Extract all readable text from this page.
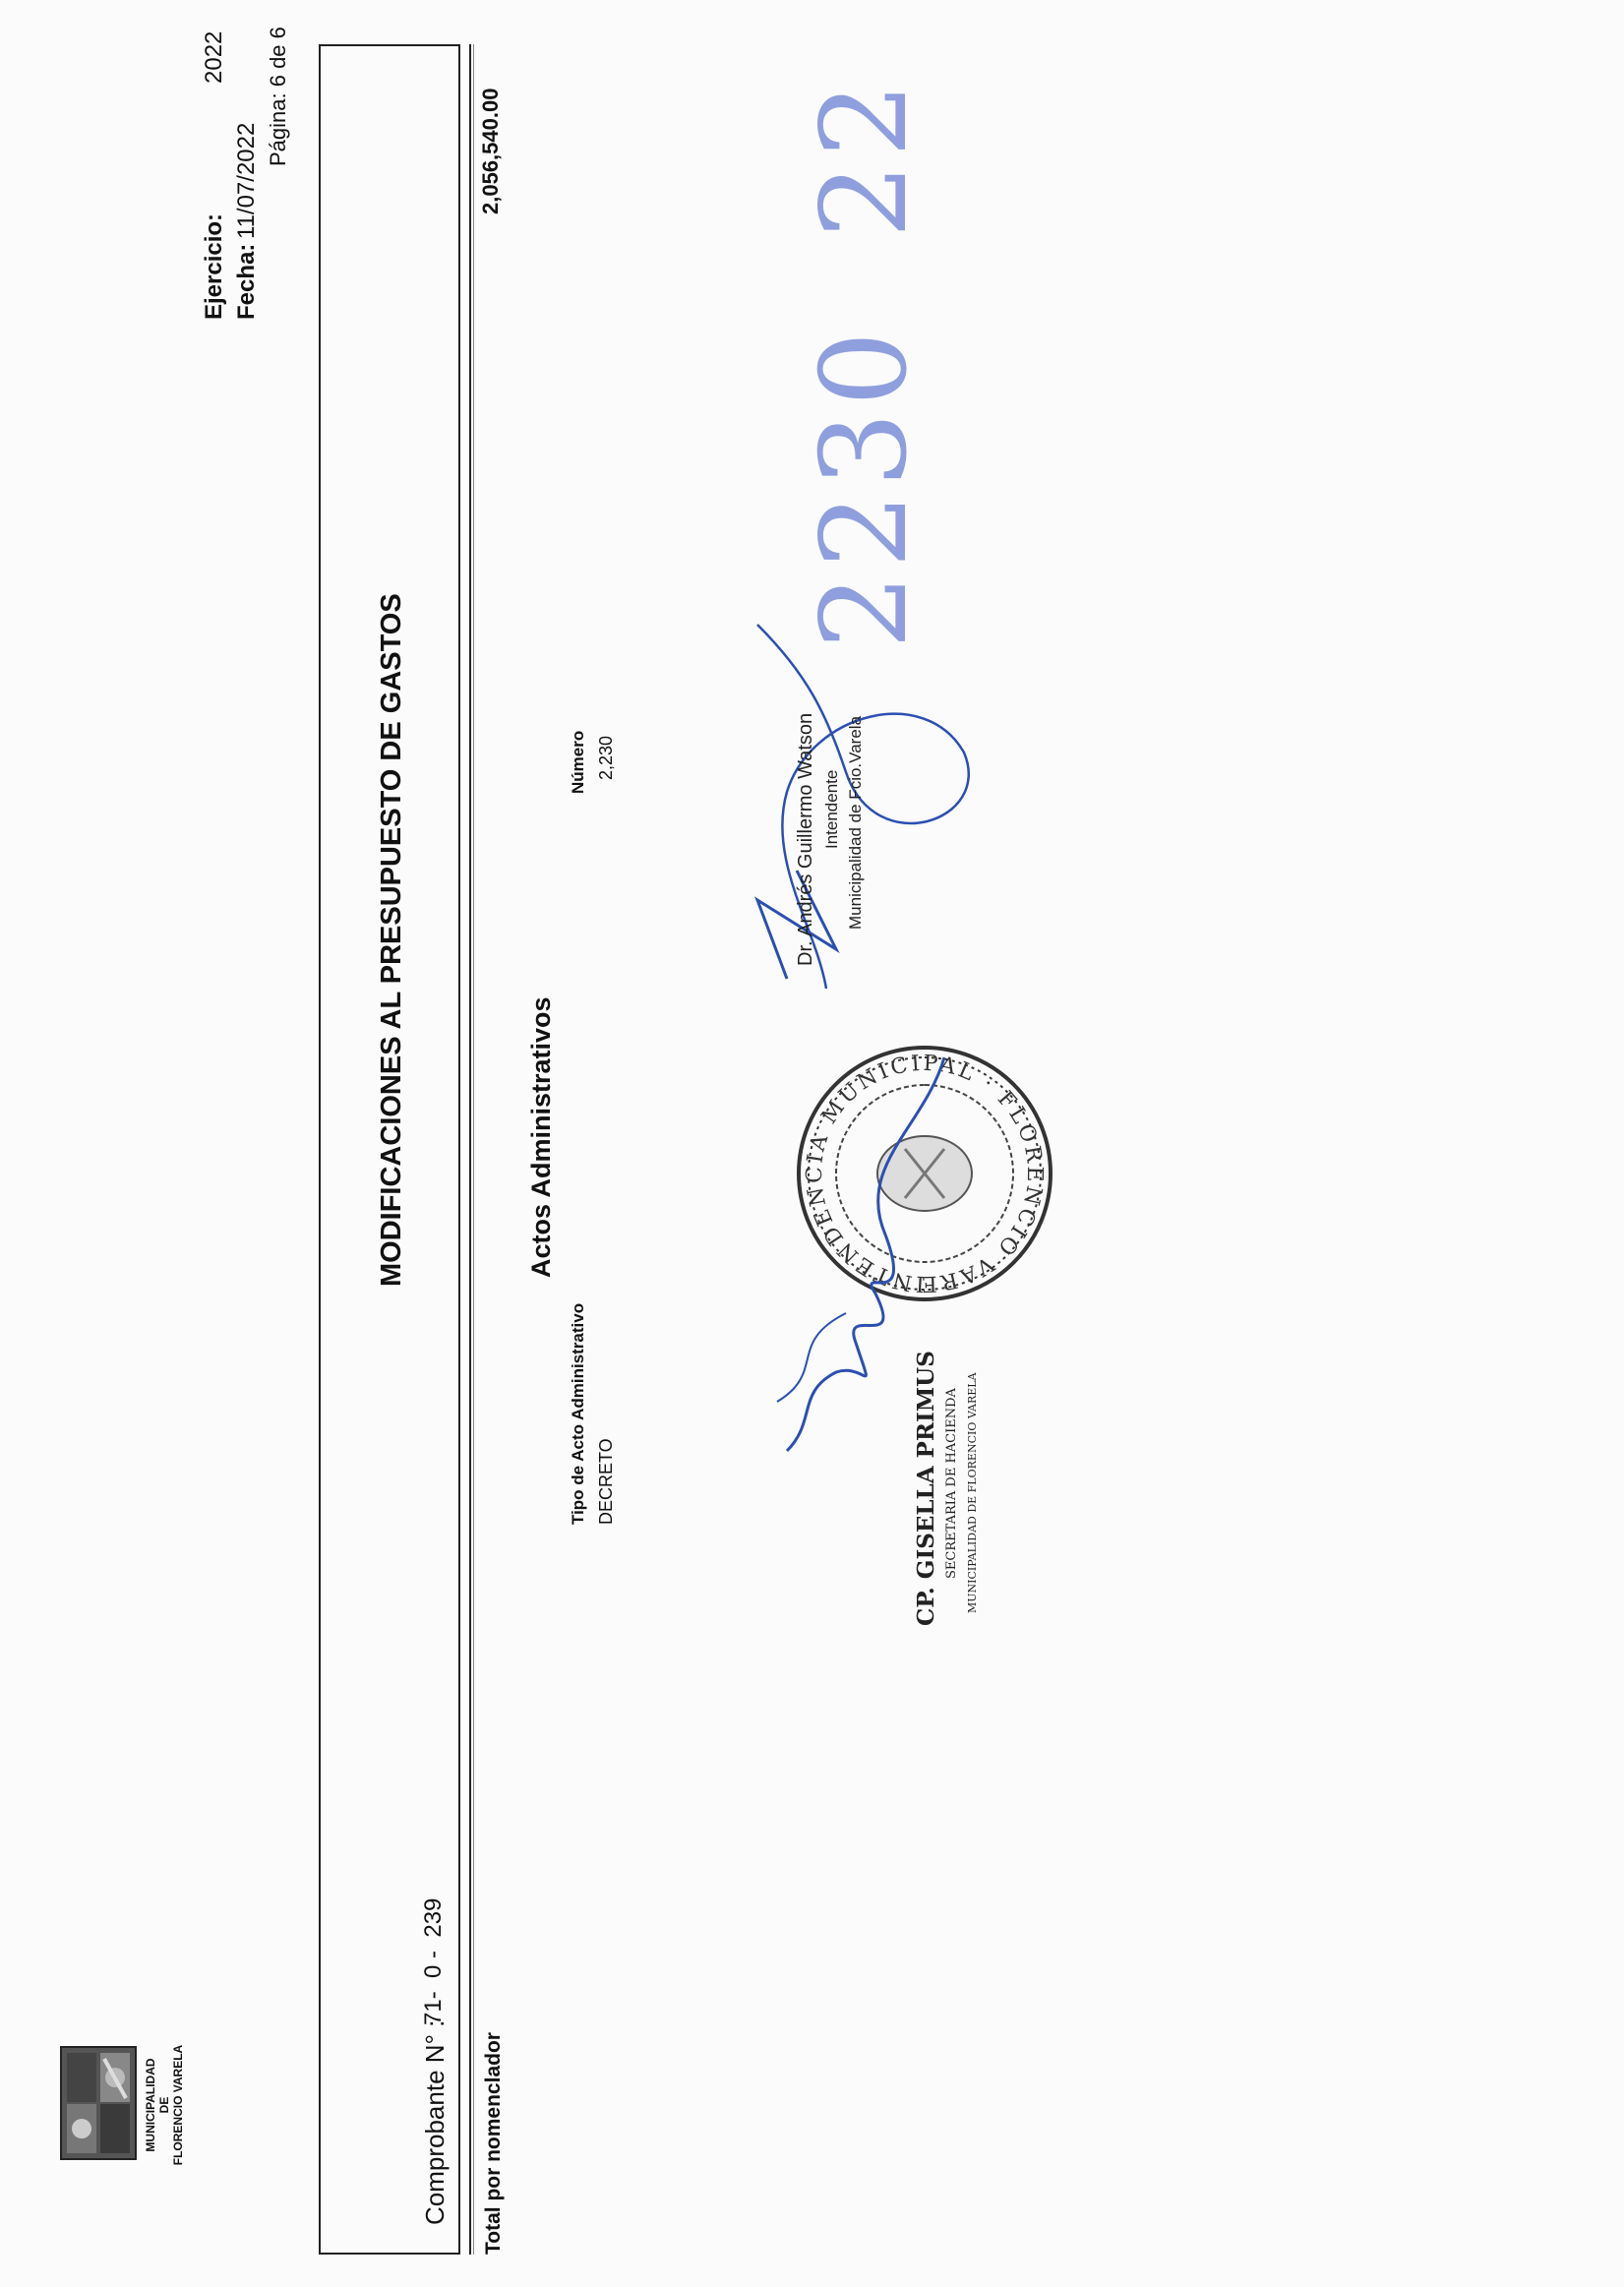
MUNICIPALIDAD DE FLORENCIO VARELA
Ejercicio:
2022
Fecha:
11/07/2022
Página: 6 de 6
MODIFICACIONES AL PRESUPUESTO DE GASTOS
Comprobante N° :
71-  0 -  239
Total por nomenclador
2,056,540.00
Actos Administrativos
Tipo de Acto Administrativo
Número
DECRETO
2,230
INTENDENCIA MUNICIPAL · FLORENCIO VARELA
CP. GISELLA PRIMUS SECRETARIA DE HACIENDA MUNICIPALIDAD DE FLORENCIO VARELA
Dr. Andrés Guillermo Watson Intendente Municipalidad de Fcio.Varela
2230  22
